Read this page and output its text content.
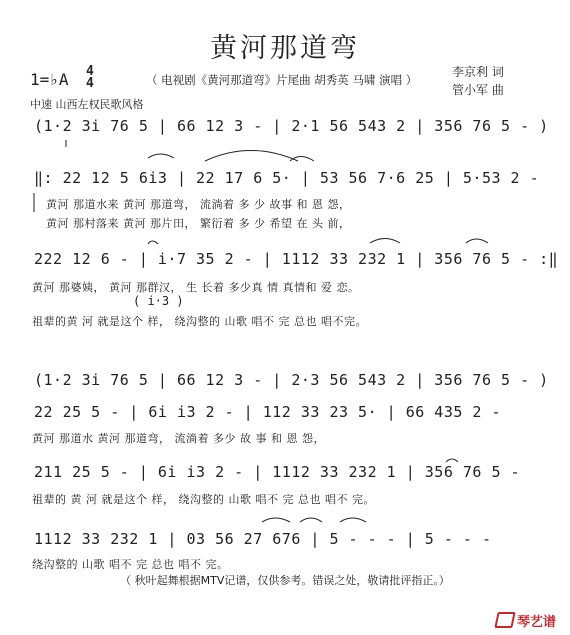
黄河那道弯
1=♭A 4
4	（ 电视剧《黄河那道弯》片尾曲 胡秀英 马啸 演唱 ）
李京利 词
管小军 曲
中速 山西左权民歌风格
(1·2 3i 76 5 | 66 12 3 - | 2·1 56 543 2 | 356 76 5 - )
‖: 22 12 5 6i3 | 22 17 6 5· | 53 56 7·6 25 | 5·53 2 -
黄河 那道水来 黄河 那道弯， 流淌着 多 少 故事 和 恩 怨，
黄河 那村落来 黄河 那片田， 繁衍着 多 少 希望 在 头 前，
222 12 6 - | i·7 35 2 - | 1112 33 232 1 | 356 76 5 - :‖
黄河 那婆姨， 黄河 那群汉， 生 长着 多少真 情 真情和 爱 恋。
( i·3 )
祖辈的黄 河 就是这个 样， 绕沟整的 山歌 唱不 完 总也 唱不完。
(1·2 3i 76 5 | 66 12 3 - | 2·3 56 543 2 | 356 76 5 - )
22 25 5 - | 6i i3 2 - | 112 33 23 5· | 66 435 2 -
黄河 那道水 黄河 那道弯， 流淌着 多少 故 事 和 恩 怨，
211 25 5 - | 6i i3 2 - | 1112 33 232 1 | 356 76 5 -
祖辈的 黄 河 就是这个 样， 绕沟整的 山歌 唱不 完 总也 唱不 完。
1112 33 232 1 | 03 56 27 676 | 5 - - - | 5 - - -
绕沟整的 山歌 唱不 完 总也 唱不 完。
（ 秋叶起舞根据MTV记谱，仅供参考。错误之处，敬请批评指正。）
琴艺谱
